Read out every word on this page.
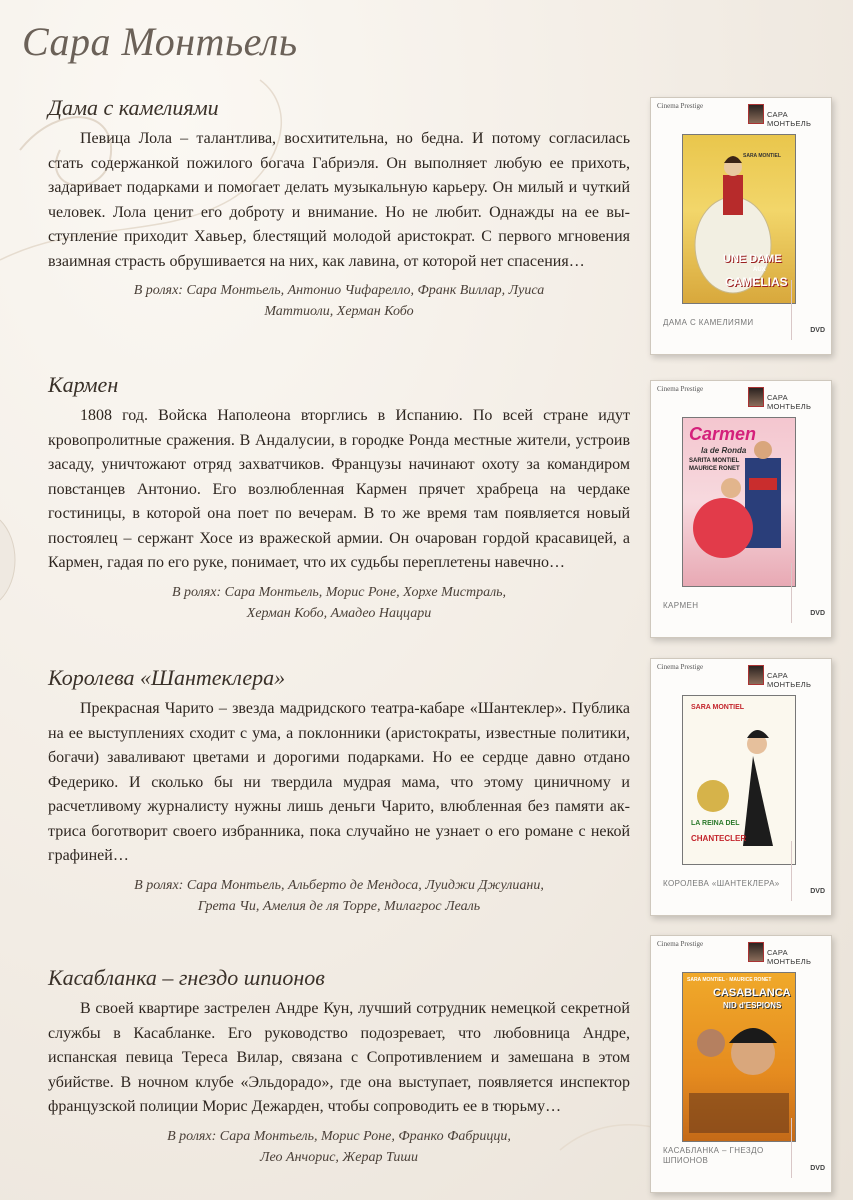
Сара Монтьель
Дама с камелиями

Певица Лола – талантлива, восхитительна, но бедна. И потому согласилась стать содержанкой пожилого богача Габриэля. Он выполняет любую ее прихоть, задаривает подарками и помогает делать музыкальную карьеру. Он милый и чуткий человек. Лола ценит его доброту и внимание. Но не любит. Однажды на ее выступление приходит Хавьер, блестящий молодой аристократ. С первого мгновения взаимная страсть обрушивается на них, как лавина, от которой нет спасения…

В ролях: Сара Монтьель, Антонио Чифарелло, Франк Виллар, Луиса
Маттиоли, Херман Кобо
Кармен

1808 год. Войска Наполеона вторглись в Испанию. По всей стране идут кровопролитные сражения. В Андалусии, в городке Ронда местные жители, устроив засаду, уничтожают отряд захватчиков. Французы начинают охоту за командиром повстанцев Антонио. Его возлюбленная Кармен прячет храбреца на чердаке гостиницы, в которой она поет по вечерам. В то же время там появляется новый постоялец – сержант Хосе из вражеской армии. Он очарован гордой красавицей, а Кармен, гадая по его руке, понимает, что их судьбы переплетены навечно…

В ролях: Сара Монтьель, Морис Роне, Хорхе Мистраль,
Херман Кобо, Амадео Наццари
Королева «Шантеклера»

Прекрасная Чарито – звезда мадридского театра-кабаре «Шантеклер». Публика на ее выступлениях сходит с ума, а поклонники (аристократы, известные политики, богачи) заваливают цветами и дорогими подарками. Но ее сердце давно отдано Федерико. И сколько бы ни твердила мудрая мама, что этому циничному и расчетливому журналисту нужны лишь деньги Чарито, влюбленная без памяти актриса боготворит своего избранника, пока случайно не узнает о его романе с некой графиней…

В ролях: Сара Монтьель, Альберто де Мендоса, Луиджи Джулиани,
Грета Чи, Амелия де ля Торре, Милагрос Леаль
Касабланка – гнездо шпионов

В своей квартире застрелен Андре Кун, лучший сотрудник немецкой секретной службы в Касабланке. Его руководство подозревает, что любовница Андре, испанская певица Тереса Вилар, связана с Сопротивлением и замешана в этом убийстве. В ночном клубе «Эльдорадо», где она выступает, появляется инспектор французской полиции Морис Дежарден, чтобы сопроводить ее в тюрьму…

В ролях: Сара Монтьель, Морис Роне, Франко Фабрицци,
Лео Анчорис, Жерар Тиши
Cinema Prestige
САРА МОНТЬЕЛЬ
SARA MONTIEL
UNE DAME
AUX
CAMELIAS
ДАМА С КАМЕЛИЯМИ
DVD
Cinema Prestige
САРА МОНТЬЕЛЬ
Carmen
la de Ronda
SARITA MONTIEL
MAURICE RONET
КАРМЕН
DVD
Cinema Prestige
САРА МОНТЬЕЛЬ
SARA MONTIEL
LA REINA DEL
CHANTECLER
КОРОЛЕВА «ШАНТЕКЛЕРА»
DVD
Cinema Prestige
САРА МОНТЬЕЛЬ
SARA MONTIEL · MAURICE RONET
CASABLANCA
NID d'ESPIONS
КАСАБЛАНКА – ГНЕЗДО ШПИОНОВ
DVD
